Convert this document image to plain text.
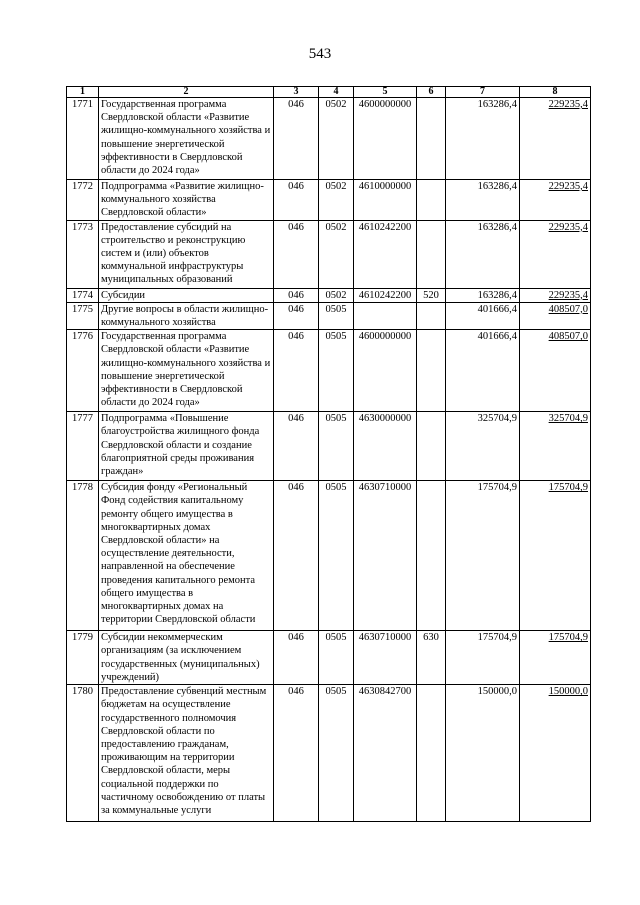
543
1	2	3	4	5	6	7	8
1771	Государственная программа Свердловской области «Развитие жилищно-коммунального хозяйства и повышение энергетической эффективности в Свердловской области до 2024 года»	046	0502	4600000000		163286,4	229235,4
1772	Подпрограмма «Развитие жилищно-коммунального хозяйства Свердловской области»	046	0502	4610000000		163286,4	229235,4
1773	Предоставление субсидий на строительство и реконструкцию систем и (или) объектов коммунальной инфраструктуры муниципальных образований	046	0502	4610242200		163286,4	229235,4
1774	Субсидии	046	0502	4610242200	520	163286,4	229235,4
1775	Другие вопросы в области жилищно-коммунального хозяйства	046	0505			401666,4	408507,0
1776	Государственная программа Свердловской области «Развитие жилищно-коммунального хозяйства и повышение энергетической эффективности в Свердловской области до 2024 года»	046	0505	4600000000		401666,4	408507,0
1777	Подпрограмма «Повышение благоустройства жилищного фонда Свердловской области и создание благоприятной среды проживания граждан»	046	0505	4630000000		325704,9	325704,9
1778	Субсидия фонду «Региональный Фонд содействия капитальному ремонту общего имущества в многоквартирных домах Свердловской области» на осуществление деятельности, направленной на обеспечение проведения капитального ремонта общего имущества в многоквартирных домах на территории Свердловской области	046	0505	4630710000		175704,9	175704,9
1779	Субсидии некоммерческим организациям (за исключением государственных (муниципальных) учреждений)	046	0505	4630710000	630	175704,9	175704,9
1780	Предоставление субвенций местным бюджетам на осуществление государственного полномочия Свердловской области по предоставлению гражданам, проживающим на территории Свердловской области, меры социальной поддержки по частичному освобождению от платы за коммунальные услуги	046	0505	4630842700		150000,0	150000,0
